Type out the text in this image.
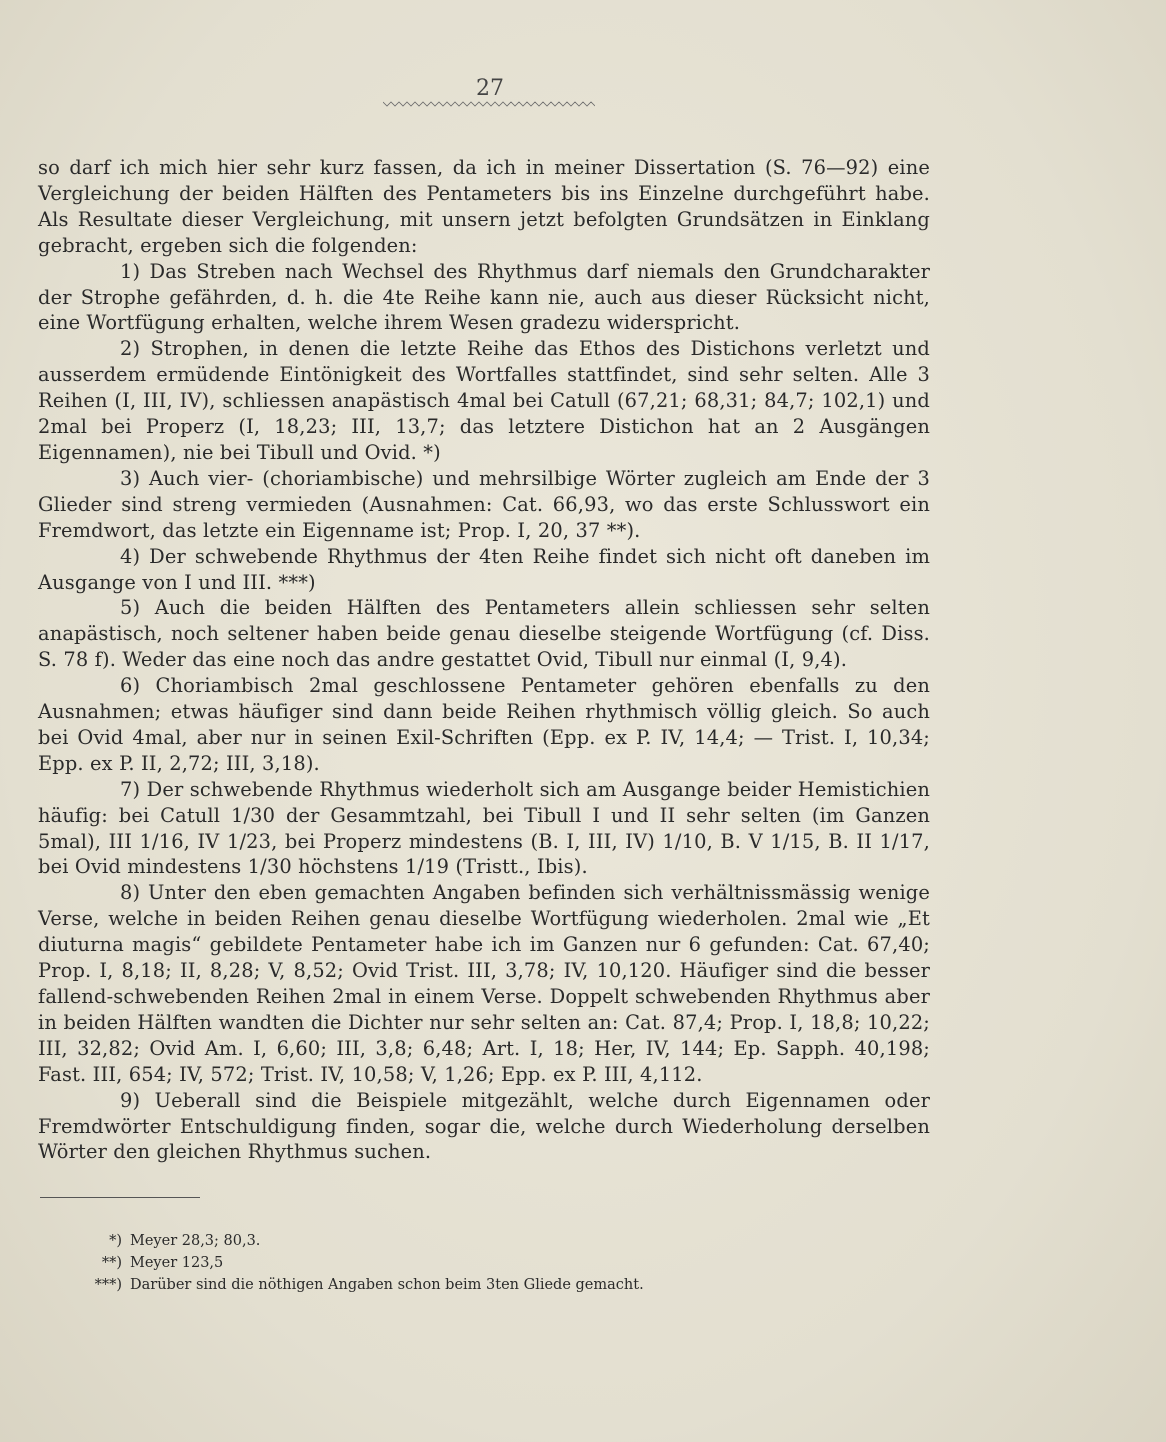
27

so darf ich mich hier sehr kurz fassen, da ich in meiner Dissertation (S. 76—92) eine Vergleichung der beiden Hälften des Pentameters bis ins Einzelne durchgeführt habe. Als Resultate dieser Vergleichung, mit unsern jetzt befolgten Grundsätzen in Einklang gebracht, ergeben sich die folgenden:

1) Das Streben nach Wechsel des Rhythmus darf niemals den Grundcharakter der Strophe gefährden, d. h. die 4te Reihe kann nie, auch aus dieser Rücksicht nicht, eine Wortfügung erhalten, welche ihrem Wesen gradezu widerspricht.

2) Strophen, in denen die letzte Reihe das Ethos des Distichons verletzt und ausserdem ermüdende Eintönigkeit des Wortfalles stattfindet, sind sehr selten. Alle 3 Reihen (I, III, IV), schliessen anapästisch 4mal bei Catull (67,21; 68,31; 84,7; 102,1) und 2mal bei Properz (I, 18,23; III, 13,7; das letztere Distichon hat an 2 Ausgängen Eigennamen), nie bei Tibull und Ovid. *)

3) Auch vier- (choriambische) und mehrsilbige Wörter zugleich am Ende der 3 Glieder sind streng vermieden (Ausnahmen: Cat. 66,93, wo das erste Schlusswort ein Fremdwort, das letzte ein Eigenname ist; Prop. I, 20, 37 **).

4) Der schwebende Rhythmus der 4ten Reihe findet sich nicht oft daneben im Ausgange von I und III. ***)

5) Auch die beiden Hälften des Pentameters allein schliessen sehr selten anapästisch, noch seltener haben beide genau dieselbe steigende Wortfügung (cf. Diss. S. 78 f). Weder das eine noch das andre gestattet Ovid, Tibull nur einmal (I, 9,4).

6) Choriambisch 2mal geschlossene Pentameter gehören ebenfalls zu den Ausnahmen; etwas häufiger sind dann beide Reihen rhythmisch völlig gleich. So auch bei Ovid 4mal, aber nur in seinen Exil-Schriften (Epp. ex P. IV, 14,4; — Trist. I, 10,34; Epp. ex P. II, 2,72; III, 3,18).

7) Der schwebende Rhythmus wiederholt sich am Ausgange beider Hemistichien häufig: bei Catull 1/30 der Gesammtzahl, bei Tibull I und II sehr selten (im Ganzen 5mal), III 1/16, IV 1/23, bei Properz mindestens (B. I, III, IV) 1/10, B. V 1/15, B. II 1/17, bei Ovid mindestens 1/30 höchstens 1/19 (Tristt., Ibis).

8) Unter den eben gemachten Angaben befinden sich verhältnissmässig wenige Verse, welche in beiden Reihen genau dieselbe Wortfügung wiederholen. 2mal wie „Et diuturna magis“ gebildete Pentameter habe ich im Ganzen nur 6 gefunden: Cat. 67,40; Prop. I, 8,18; II, 8,28; V, 8,52; Ovid Trist. III, 3,78; IV, 10,120. Häufiger sind die besser fallend-schwebenden Reihen 2mal in einem Verse. Doppelt schwebenden Rhythmus aber in beiden Hälften wandten die Dichter nur sehr selten an: Cat. 87,4; Prop. I, 18,8; 10,22; III, 32,82; Ovid Am. I, 6,60; III, 3,8; 6,48; Art. I, 18; Her, IV, 144; Ep. Sapph. 40,198; Fast. III, 654; IV, 572; Trist. IV, 10,58; V, 1,26; Epp. ex P. III, 4,112.

9) Ueberall sind die Beispiele mitgezählt, welche durch Eigennamen oder Fremdwörter Entschuldigung finden, sogar die, welche durch Wiederholung derselben Wörter den gleichen Rhythmus suchen.

*) Meyer 28,3; 80,3.
**) Meyer 123,5
***) Darüber sind die nöthigen Angaben schon beim 3ten Gliede gemacht.
